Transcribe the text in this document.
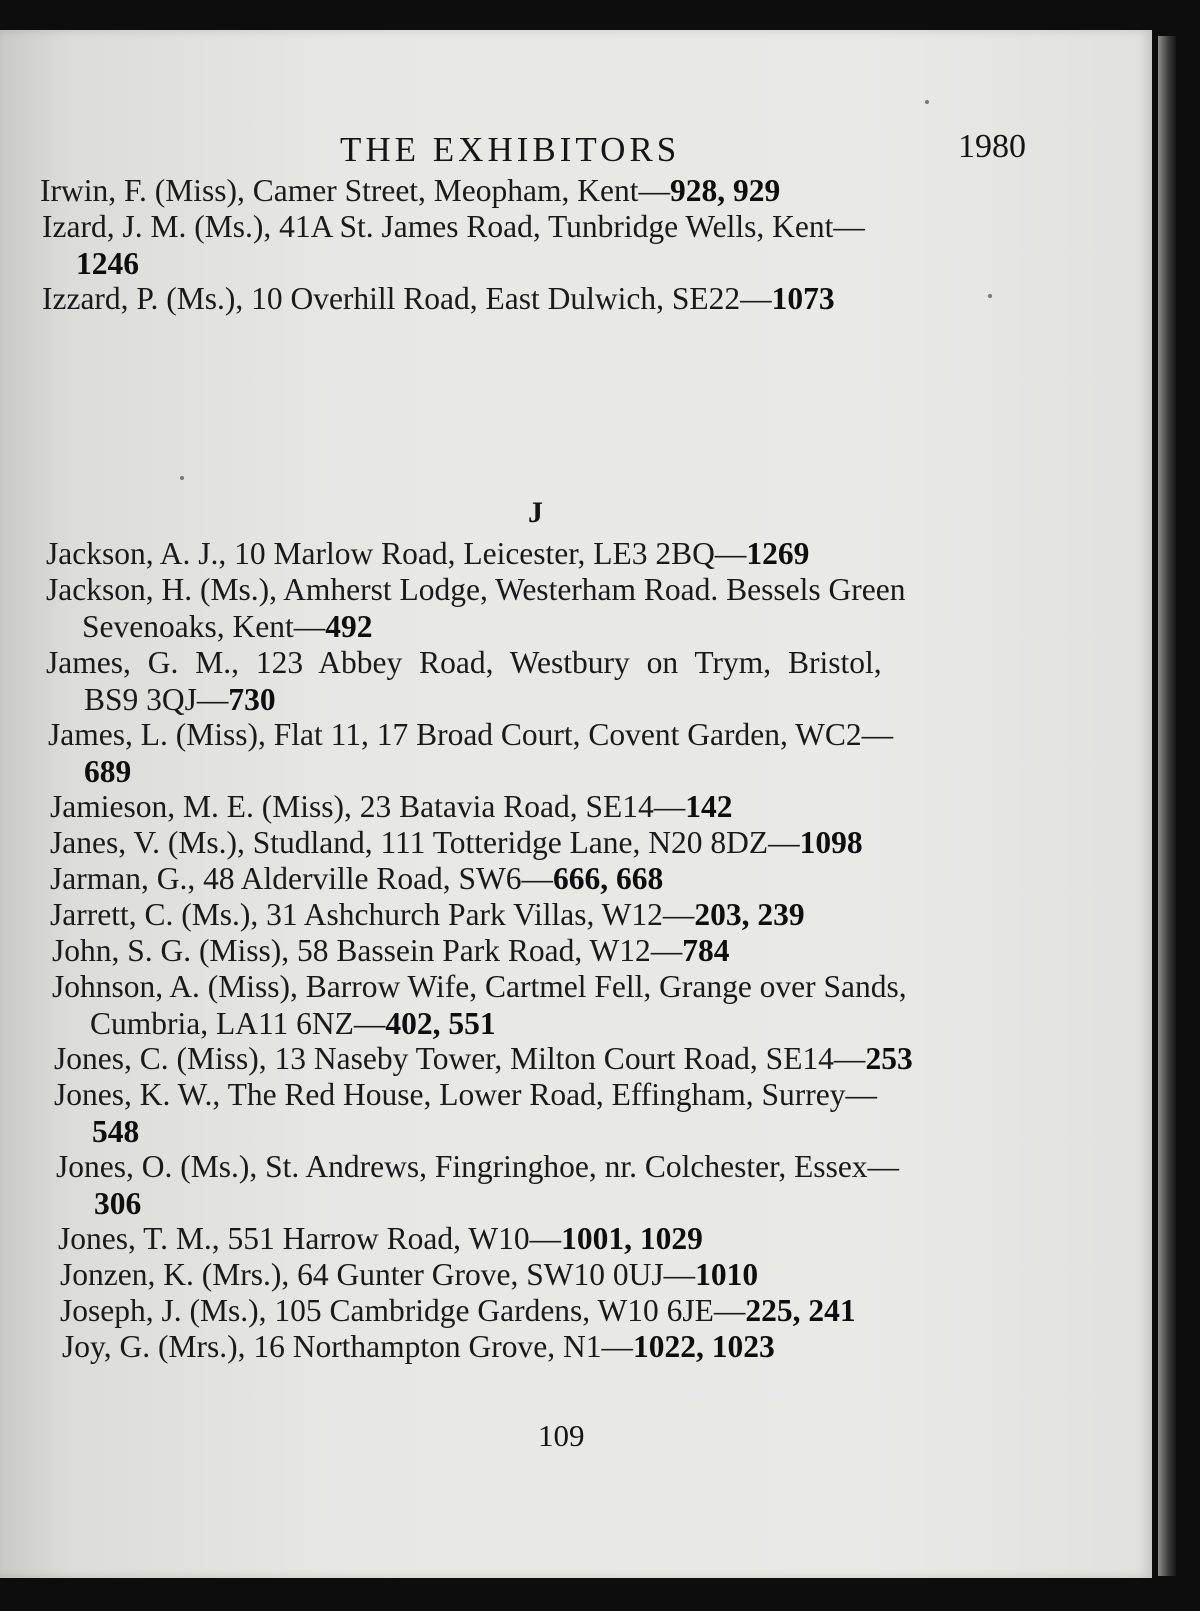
THE EXHIBITORS	1980
Irwin, F. (Miss), Camer Street, Meopham, Kent—928, 929
Izard, J. M. (Ms.), 41A St. James Road, Tunbridge Wells, Kent—
1246
Izzard, P. (Ms.), 10 Overhill Road, East Dulwich, SE22—1073
J
Jackson, A. J., 10 Marlow Road, Leicester, LE3 2BQ—1269
Jackson, H. (Ms.), Amherst Lodge, Westerham Road. Bessels Green
Sevenoaks, Kent—492
James, G. M., 123 Abbey Road, Westbury on Trym, Bristol,
BS9 3QJ—730
James, L. (Miss), Flat 11, 17 Broad Court, Covent Garden, WC2—
689
Jamieson, M. E. (Miss), 23 Batavia Road, SE14—142
Janes, V. (Ms.), Studland, 111 Totteridge Lane, N20 8DZ—1098
Jarman, G., 48 Alderville Road, SW6—666, 668
Jarrett, C. (Ms.), 31 Ashchurch Park Villas, W12—203, 239
John, S. G. (Miss), 58 Bassein Park Road, W12—784
Johnson, A. (Miss), Barrow Wife, Cartmel Fell, Grange over Sands,
Cumbria, LA11 6NZ—402, 551
Jones, C. (Miss), 13 Naseby Tower, Milton Court Road, SE14—253
Jones, K. W., The Red House, Lower Road, Effingham, Surrey—
548
Jones, O. (Ms.), St. Andrews, Fingringhoe, nr. Colchester, Essex—
306
Jones, T. M., 551 Harrow Road, W10—1001, 1029
Jonzen, K. (Mrs.), 64 Gunter Grove, SW10 0UJ—1010
Joseph, J. (Ms.), 105 Cambridge Gardens, W10 6JE—225, 241
Joy, G. (Mrs.), 16 Northampton Grove, N1—1022, 1023
109
